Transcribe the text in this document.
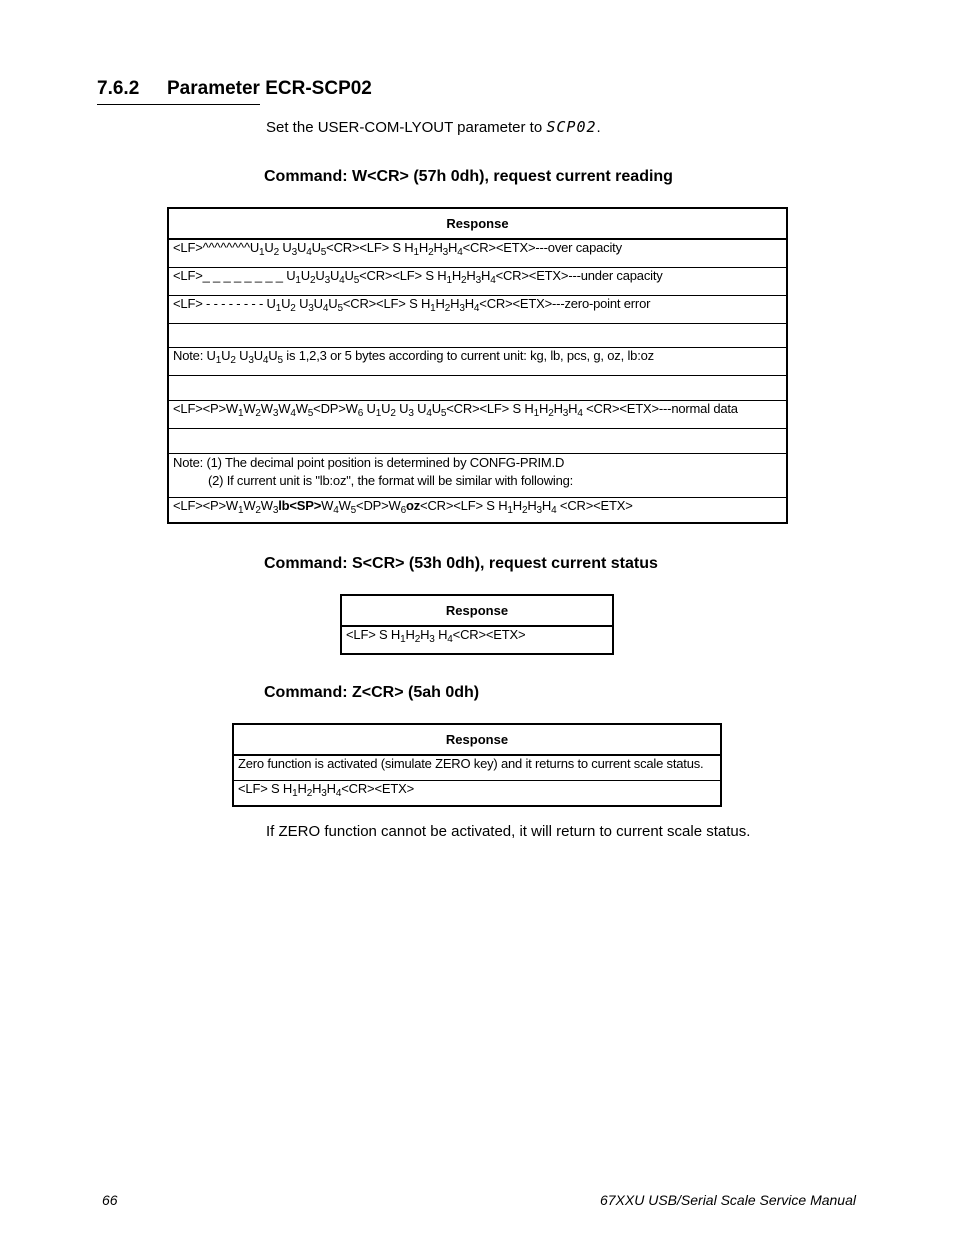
7.6.2 Parameter ECR-SCP02
Set the USER-COM-LYOUT parameter to SCP02.
Command: W<CR> (57h 0dh), request current reading
Response
$<LF>\^{}\^{}\^{}\^{}\^{}\^{}\^{}\^{}U_1U_2$ $U_3U_4U_5<CR><LF> S$ $H_1H_2H_3H_4<CR><ETX>--$-over capacity
<LF>_ _ _ _ _ _ _ _ $U_1U_2U_3U_4U_5<CR><LF> S$ $H_1H_2H_3H_4<CR><ETX>--$-under capacity
<LF> - - - - - - - - $U_1U_2$ $U_3U_4U_5<CR><LF> S$ $H_1H_2H_3H_4<CR><ETX>---zero$-point error

Note: $U_1U_2$ $U_3U_4U_5$ is 1,2,3 or 5 bytes according to current unit: kg, lb, pcs, g, oz, lb:oz

$<LF><P>W_1W_2W_3W_4W_5<DP>W_6$ $U_1U_2$ $U_3$ $U_4U_5<CR><LF> S$ $H_1H_2H_3H_4$ <CR><ETX>---normal data

Note: (1) The decimal point position is determined by CONFG-PRIM.D
(2) If current unit is "lb:oz", the format will be similar with following:
$<LF><P>W_1W_2W_3lb<SP>W_4W_5<DP>W_6oz<CR><LF> S$ $H_1H_2H_3H_4 <CR><ETX>$
Command: S<CR> (53h 0dh), request current status
Response
<LF> S $H_1H_2H_3$ $H_4<CR><ETX>$
Command: Z<CR> (5ah 0dh)
Response
Zero function is activated (simulate ZERO key) and it returns to current scale status.
<LF> S $H_1H_2H_3H_4<CR><ETX>$
If ZERO function cannot be activated, it will return to current scale status.
66	67XXU USB/Serial Scale Service Manual
